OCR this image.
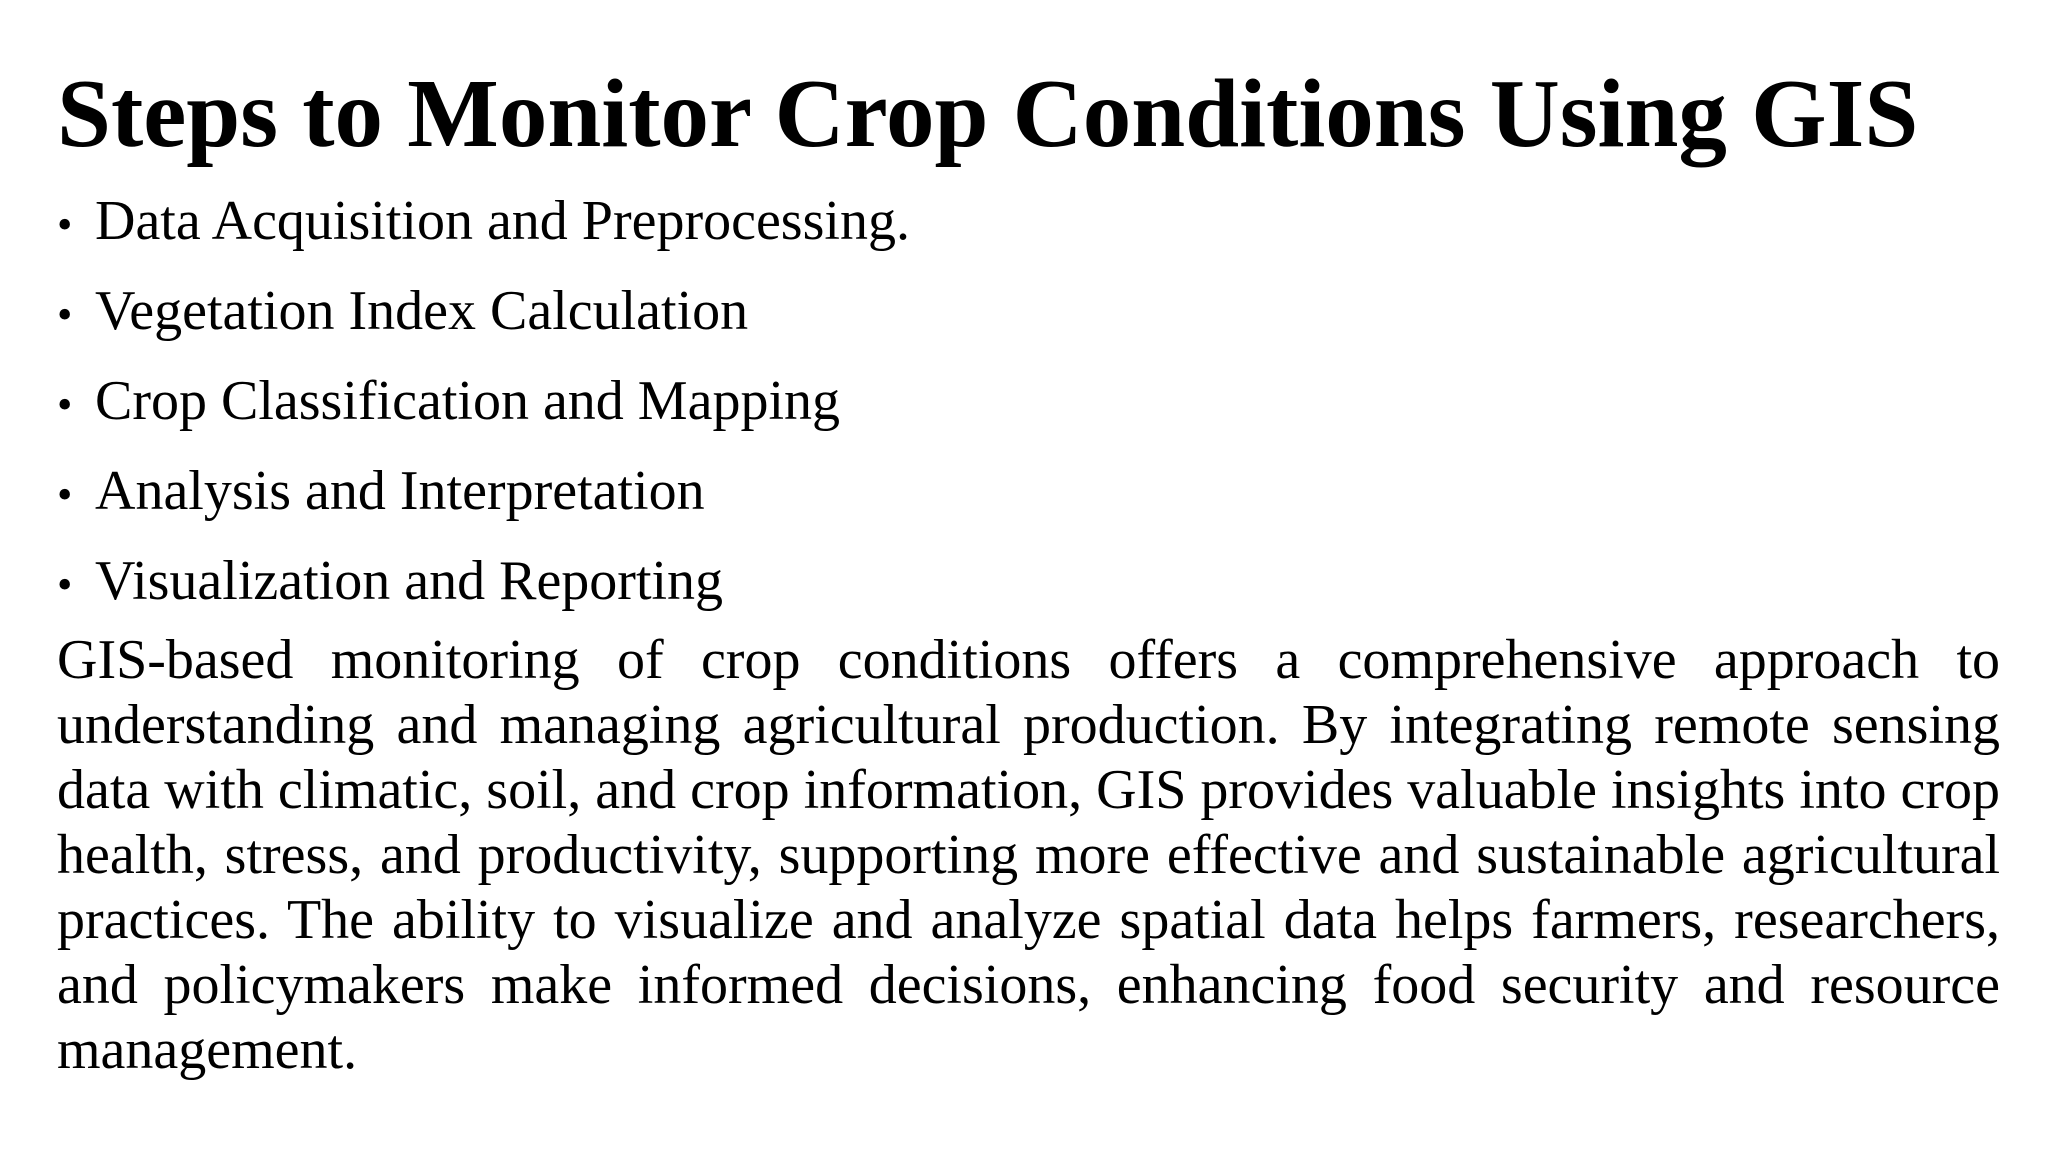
Steps to Monitor Crop Conditions Using GIS
• Data Acquisition and Preprocessing.
• Vegetation Index Calculation
• Crop Classification and Mapping
• Analysis and Interpretation
• Visualization and Reporting

GIS-based monitoring of crop conditions offers a comprehensive approach to understanding and managing agricultural production. By integrating remote sensing data with climatic, soil, and crop information, GIS provides valuable insights into crop health, stress, and productivity, supporting more effective and sustainable agricultural practices. The ability to visualize and analyze spatial data helps farmers, researchers, and policymakers make informed decisions, enhancing food security and resource management.
